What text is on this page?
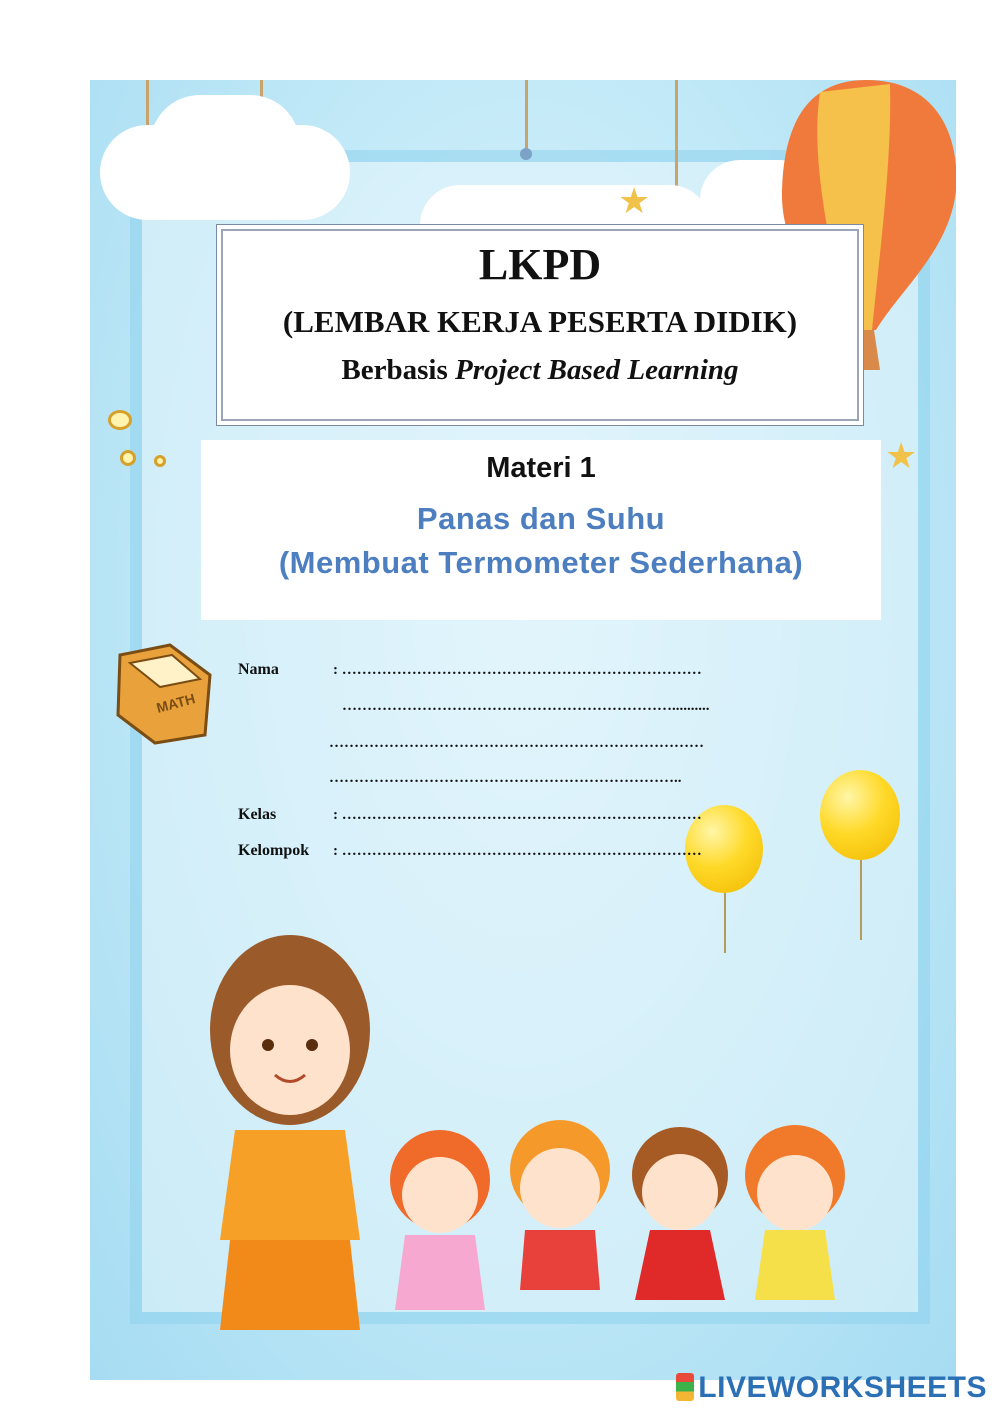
★
★
MATH
LKPD
(LEMBAR KERJA PESERTA DIDIK)
Berbasis Project Based Learning
Materi 1
Panas dan Suhu
(Membuat Termometer Sederhana)
Nama	: ………………………………………………………………
…………………………………………………………..........
…………………………………………………………………
……………………………………………………………..
Kelas	: ………………………………………………………………
Kelompok : ………………………………………………………………
LIVEWORKSHEETS
